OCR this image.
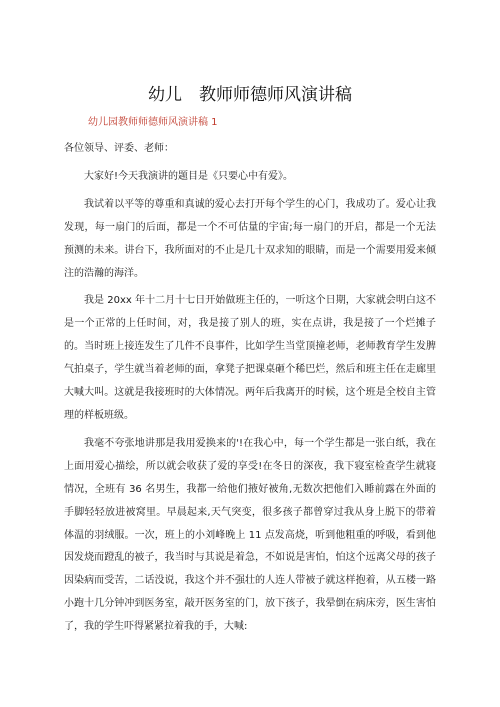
幼儿　教师师德师风演讲稿
幼儿园教师师德师风演讲稿 1

各位领导、评委、老师：

大家好!今天我演讲的题目是《只要心中有爱》。

我试着以平等的尊重和真诚的爱心去打开每个学生的心门，我成功了。爱心让我发现，每一扇门的后面，都是一个不可估量的宇宙;每一扇门的开启，都是一个无法预测的未来。讲台下，我所面对的不止是几十双求知的眼睛，而是一个需要用爱来倾注的浩瀚的海洋。

我是 20xx 年十二月十七日开始做班主任的，一听这个日期，大家就会明白这不是一个正常的上任时间，对，我是接了别人的班，实在点讲，我是接了一个烂摊子的。当时班上接连发生了几件不良事件，比如学生当堂顶撞老师，老师教育学生发脾气拍桌子，学生就当着老师的面，拿凳子把课桌砸个稀巴烂，然后和班主任在走廊里大喊大叫。这就是我接班时的大体情况。两年后我离开的时候，这个班是全校自主管理的样板班级。

我毫不夸张地讲那是我用爱换来的'!在我心中，每一个学生都是一张白纸，我在上面用爱心描绘，所以就会收获了爱的享受!在冬日的深夜，我下寝室检查学生就寝情况，全班有 36 名男生，我都一给他们掖好被角,无数次把他们入睡前露在外面的手脚轻轻放进被窝里。早晨起来,天气突变，很多孩子都曾穿过我从身上脱下的带着体温的羽绒服。一次，班上的小刘峰晚上 11 点发高烧，听到他粗重的呼吸，看到他因发烧而蹬乱的被子，我当时与其说是着急，不如说是害怕，怕这个远离父母的孩子因染病而受苦，二话没说，我这个并不强壮的人连人带被子就这样抱着，从五楼一路小跑十几分钟冲到医务室，敲开医务室的门，放下孩子，我晕倒在病床旁，医生害怕了，我的学生吓得紧紧拉着我的手，大喊:
